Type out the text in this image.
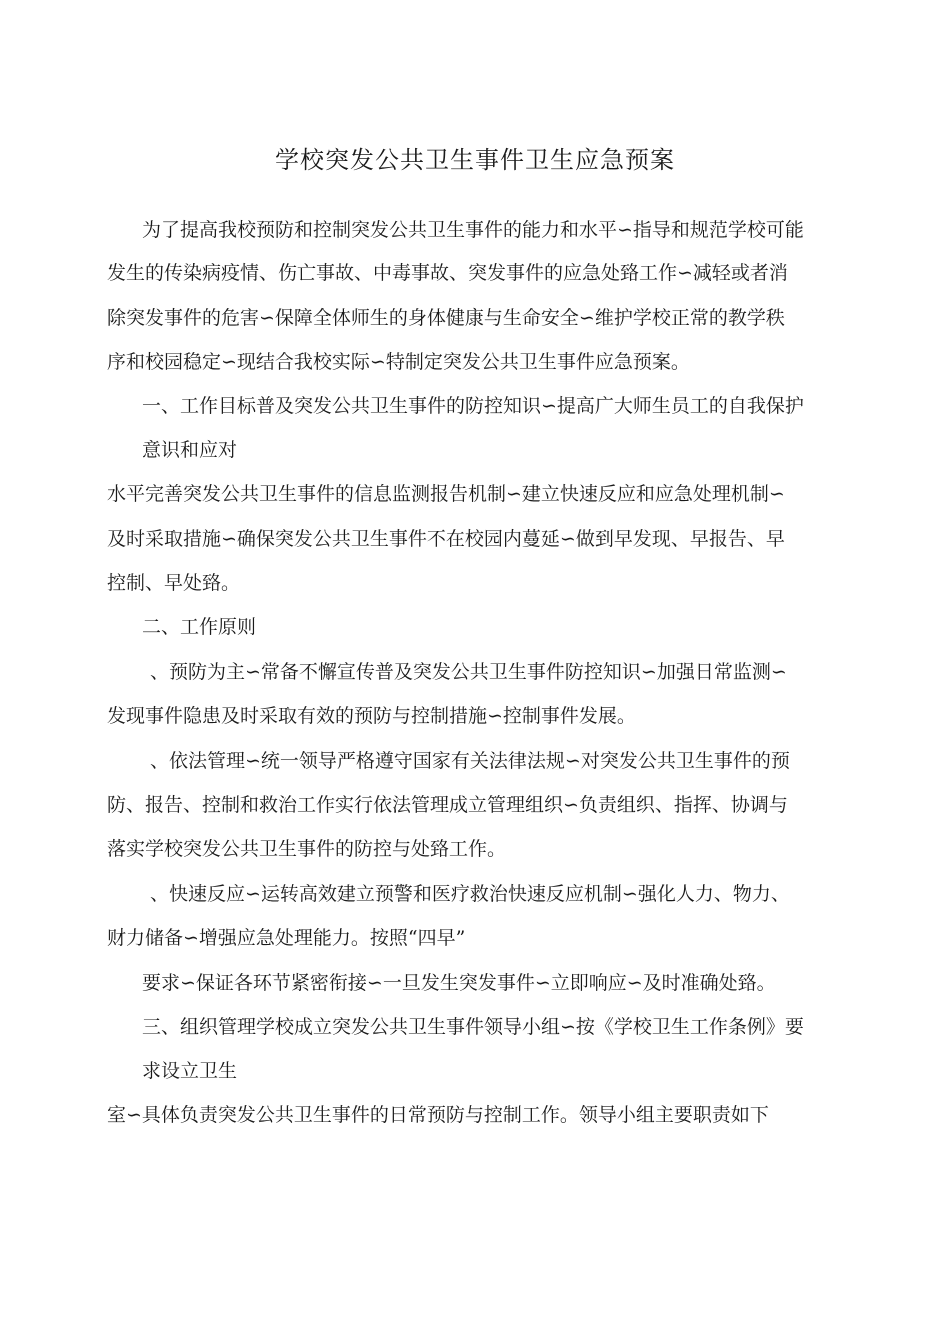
学校突发公共卫生事件卫生应急预案
为了提高我校预防和控制突发公共卫生事件的能力和水平∽指导和规范学校可能
发生的传染病疫情、伤亡事故、中毒事故、突发事件的应急处臵工作∽减轻或者消
除突发事件的危害∽保障全体师生的身体健康与生命安全∽维护学校正常的教学秩
序和校园稳定∽现结合我校实际∽特制定突发公共卫生事件应急预案。
一、工作目标普及突发公共卫生事件的防控知识∽提高广大师生员工的自我保护
意识和应对
水平完善突发公共卫生事件的信息监测报告机制∽建立快速反应和应急处理机制∽
及时采取措施∽确保突发公共卫生事件不在校园内蔓延∽做到早发现、早报告、早
控制、早处臵。
二、工作原则
、预防为主∽常备不懈宣传普及突发公共卫生事件防控知识∽加强日常监测∽
发现事件隐患及时采取有效的预防与控制措施∽控制事件发展。
、依法管理∽统一领导严格遵守国家有关法律法规∽对突发公共卫生事件的预
防、报告、控制和救治工作实行依法管理成立管理组织∽负责组织、指挥、协调与
落实学校突发公共卫生事件的防控与处臵工作。
、快速反应∽运转高效建立预警和医疗救治快速反应机制∽强化人力、物力、
财力储备∽增强应急处理能力。按照“四早”
要求∽保证各环节紧密衔接∽一旦发生突发事件∽立即响应∽及时准确处臵。
三、组织管理学校成立突发公共卫生事件领导小组∽按《学校卫生工作条例》要
求设立卫生
室∽具体负责突发公共卫生事件的日常预防与控制工作。领导小组主要职责如下
